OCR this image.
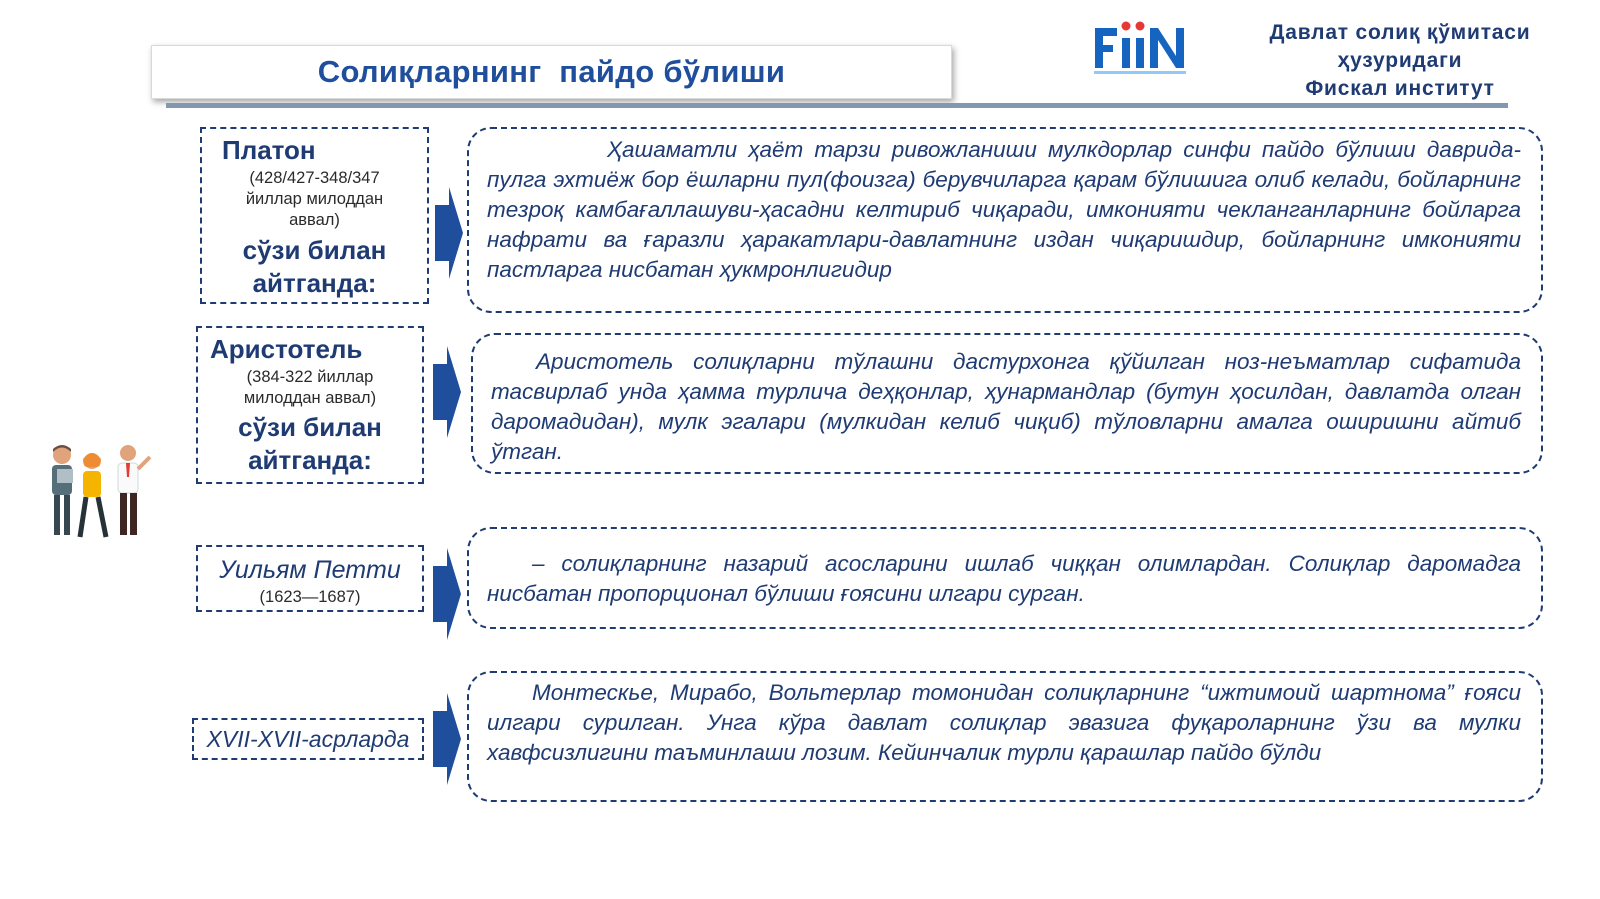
Солиқларнинг  пайдо бўлиши
Давлат солиқ қўмитаси
ҳузуридаги
Фискал институт
Платон
(428/427-348/347 йиллар милоддан аввал)
сўзи билан
айтганда:

Ҳашаматли ҳаёт тарзи ривожланиши мулкдорлар синфи пайдо бўлиши даврида-пулга эхтиёж бор ёшларни пул(фоизга) берувчиларга қарам бўлишига олиб келади, бойларнинг тезроқ камбағаллашуви-ҳасадни келтириб чиқаради, имконияти чекланганларнинг бойларга нафрати ва ғаразли ҳаракатлари-давлатнинг издан чиқаришдир, бойларнинг имконияти пастларга нисбатан ҳукмронлигидир

Аристотель
(384-322 йиллар милоддан аввал)
сўзи билан
айтганда:

Аристотель солиқларни тўлашни дастурхонга қўйилган ноз-неъматлар сифатида тасвирлаб унда ҳамма турлича деҳқонлар, ҳунармандлар (бутун ҳосилдан, давлатда олган даромадидан), мулк эгалари (мулкидан келиб чиқиб) тўловларни амалга оширишни айтиб ўтган.

Уильям Петти
(1623—1687)

– солиқларнинг назарий асосларини ишлаб чиққан олимлардан. Солиқлар даромадга нисбатан пропорционал бўлиши ғоясини илгари сурган.

XVII-XVII-асрларда

Монтескье, Мирабо, Вольтерлар томонидан солиқларнинг “ижтимоий шартнома” ғояси илгари сурилган. Унга кўра давлат солиқлар эвазига фуқароларнинг ўзи ва мулки хавфсизлигини таъминлаши лозим. Кейинчалик турли қарашлар пайдо бўлди
